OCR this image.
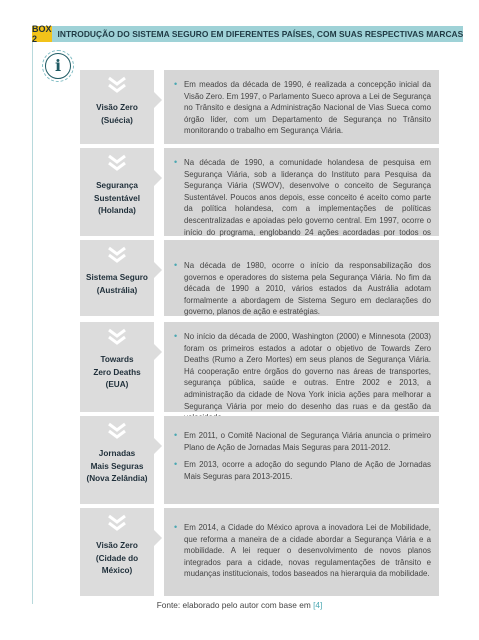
BOX 2	INTRODUÇÃO DO SISTEMA SEGURO EM DIFERENTES PAÍSES, COM SUAS RESPECTIVAS MARCAS
i
Visão Zero
(Suécia)
• Em meados da década de 1990, é realizada a concepção inicial da Visão Zero. Em 1997, o Parlamento Sueco aprova a Lei de Segurança no Trânsito e designa a Administração Nacional de Vias Sueca como órgão líder, com um Departamento de Segurança no Trânsito monitorando o trabalho em Segurança Viária.
Segurança
Sustentável
(Holanda)
• Na década de 1990, a comunidade holandesa de pesquisa em Segurança Viária, sob a liderança do Instituto para Pesquisa da Segurança Viária (SWOV), desenvolve o conceito de Segurança Sustentável. Poucos anos depois, esse conceito é aceito como parte da política holandesa, com a implementações de políticas descentralizadas e apoiadas pelo governo central. Em 1997, ocorre o início do programa, englobando 24 ações acordadas por todos os
Sistema Seguro
(Austrália)
• Na década de 1980, ocorre o início da responsabilização dos governos e operadores do sistema pela Segurança Viária. No fim da década de 1990 a 2010, vários estados da Austrália adotam formalmente a abordagem de Sistema Seguro em declarações do governo, planos de ação e estratégias.
Towards
Zero Deaths
(EUA)
• No início da década de 2000, Washington (2000) e Minnesota (2003) foram os primeiros estados a adotar o objetivo de Towards Zero Deaths (Rumo a Zero Mortes) em seus planos de Segurança Viária. Há cooperação entre órgãos do governo nas áreas de transportes, segurança pública, saúde e outras. Entre 2002 e 2013, a administração da cidade de Nova York inicia ações para melhorar a Segurança Viária por meio do desenho das ruas e da gestão da
Jornadas
Mais Seguras
(Nova Zelândia)
• Em 2011, o Comitê Nacional de Segurança Viária anuncia o primeiro Plano de Ação de Jornadas Mais Seguras para 2011-2012.
• Em 2013, ocorre a adoção do segundo Plano de Ação de Jornadas Mais Seguras para 2013-2015.
Visão Zero
(Cidade do
México)
• Em 2014, a Cidade do México aprova a inovadora Lei de Mobilidade, que reforma a maneira de a cidade abordar a Segurança Viária e a mobilidade. A lei requer o desenvolvimento de novos planos integrados para a cidade, novas regulamentações de trânsito e mudanças institucionais, todos baseados na hierarquia da mobilidade.
Fonte: elaborado pelo autor com base em [4]
